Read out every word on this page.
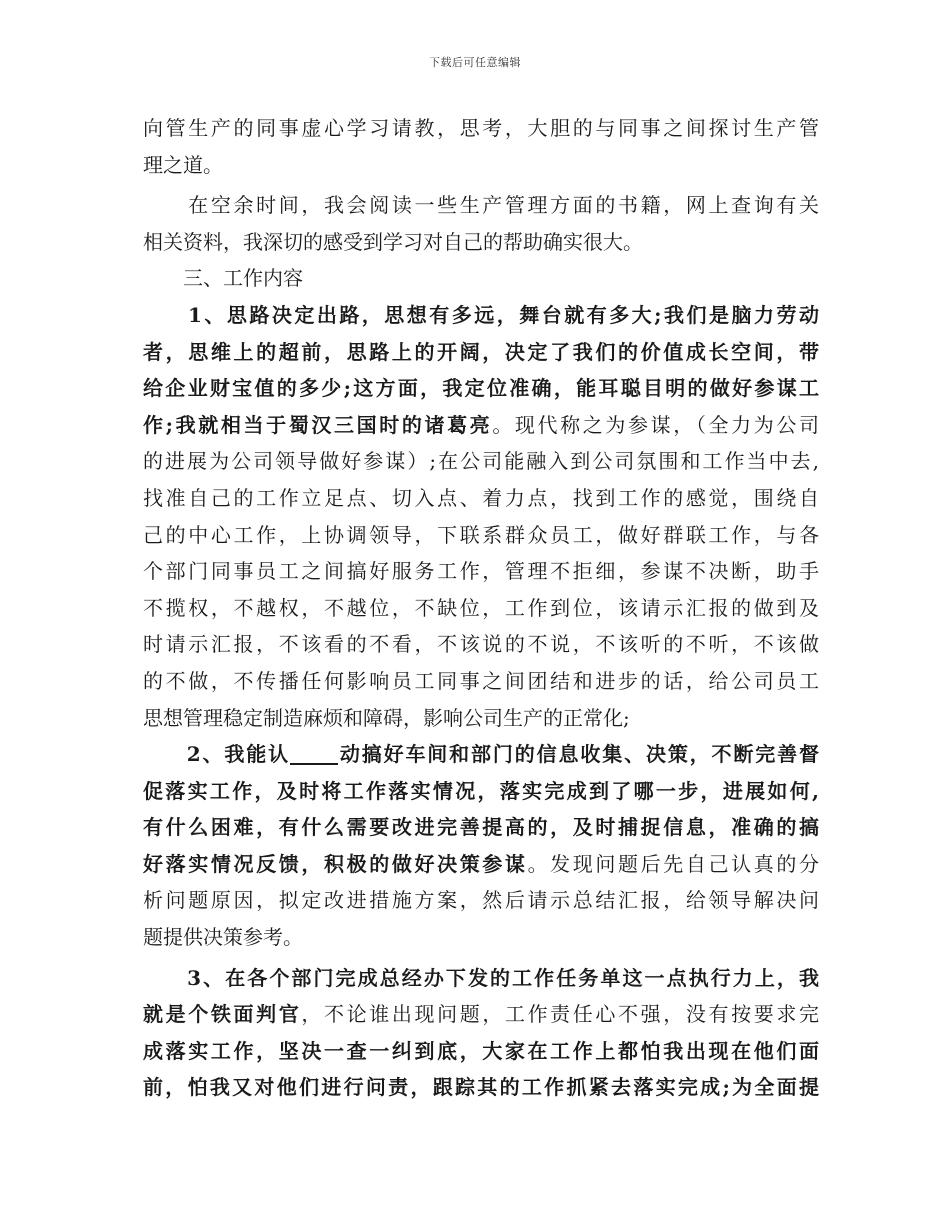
下载后可任意编辑
向管生产的同事虚心学习请教，思考，大胆的与同事之间探讨生产管
理之道。
　　在空余时间，我会阅读一些生产管理方面的书籍，网上查询有关
相关资料，我深切的感受到学习对自己的帮助确实很大。
　　三、工作内容
　　1、思路决定出路，思想有多远，舞台就有多大;我们是脑力劳动
者，思维上的超前，思路上的开阔，决定了我们的价值成长空间，带
给企业财宝值的多少;这方面，我定位准确，能耳聪目明的做好参谋工
作;我就相当于蜀汉三国时的诸葛亮。现代称之为参谋，（全力为公司
的进展为公司领导做好参谋）;在公司能融入到公司氛围和工作当中去,
找准自己的工作立足点、切入点、着力点，找到工作的感觉，围绕自
己的中心工作，上协调领导，下联系群众员工，做好群联工作，与各
个部门同事员工之间搞好服务工作，管理不拒细，参谋不决断，助手
不揽权，不越权，不越位，不缺位，工作到位，该请示汇报的做到及
时请示汇报，不该看的不看，不该说的不说，不该听的不听，不该做
的不做，不传播任何影响员工同事之间团结和进步的话，给公司员工
思想管理稳定制造麻烦和障碍，影响公司生产的正常化;
　　2、我能认 动搞好车间和部门的信息收集、决策，不断完善督
促落实工作，及时将工作落实情况，落实完成到了哪一步，进展如何,
有什么困难，有什么需要改进完善提高的，及时捕捉信息，准确的搞
好落实情况反馈，积极的做好决策参谋。发现问题后先自己认真的分
析问题原因，拟定改进措施方案，然后请示总结汇报，给领导解决问
题提供决策参考。
　　3、在各个部门完成总经办下发的工作任务单这一点执行力上，我
就是个铁面判官，不论谁出现问题，工作责任心不强，没有按要求完
成落实工作，坚决一查一纠到底，大家在工作上都怕我出现在他们面
前，怕我又对他们进行问责，跟踪其的工作抓紧去落实完成;为全面提
